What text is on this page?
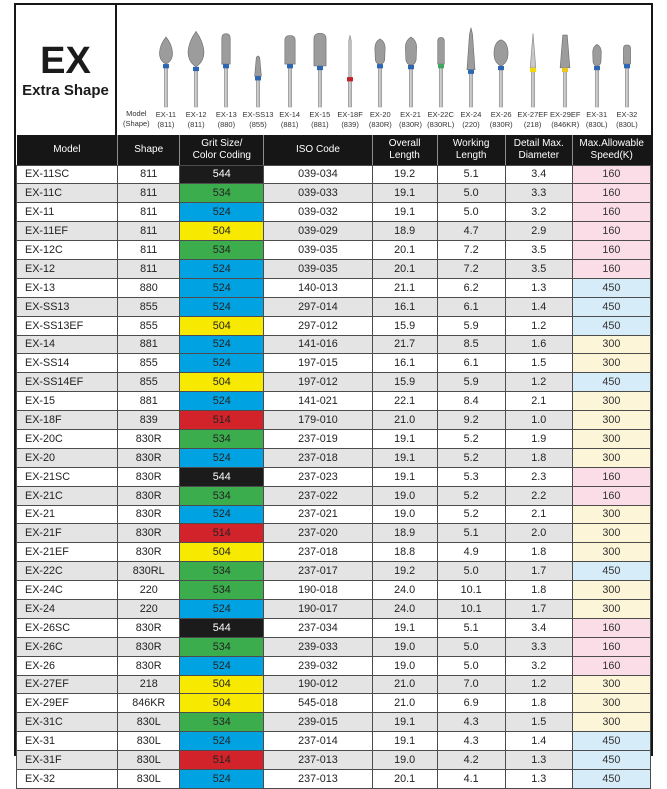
EX
Extra Shape
Model
(Shape)
EX-11
(811)
EX-12
(811)
EX-13
(880)
EX-SS13
(855)
EX-14
(881)
EX-15
(881)
EX-18F
(839)
EX-20
(830R)
EX-21
(830R)
EX-22C
(830RL)
EX-24
(220)
EX-26
(830R)
EX-27EF
(218)
EX-29EF
(846KR)
EX-31
(830L)
EX-32
(830L)
Model	Shape	Grit Size/
Color Coding	ISO Code	Overall
Length	Working
Length	Detail Max.
Diameter	Max.Allowable
Speed(K)
EX-11SC	811	544	039-034	19.2	5.1	3.4	160
EX-11C	811	534	039-033	19.1	5.0	3.3	160
EX-11	811	524	039-032	19.1	5.0	3.2	160
EX-11EF	811	504	039-029	18.9	4.7	2.9	160
EX-12C	811	534	039-035	20.1	7.2	3.5	160
EX-12	811	524	039-035	20.1	7.2	3.5	160
EX-13	880	524	140-013	21.1	6.2	1.3	450
EX-SS13	855	524	297-014	16.1	6.1	1.4	450
EX-SS13EF	855	504	297-012	15.9	5.9	1.2	450
EX-14	881	524	141-016	21.7	8.5	1.6	300
EX-SS14	855	524	197-015	16.1	6.1	1.5	300
EX-SS14EF	855	504	197-012	15.9	5.9	1.2	450
EX-15	881	524	141-021	22.1	8.4	2.1	300
EX-18F	839	514	179-010	21.0	9.2	1.0	300
EX-20C	830R	534	237-019	19.1	5.2	1.9	300
EX-20	830R	524	237-018	19.1	5.2	1.8	300
EX-21SC	830R	544	237-023	19.1	5.3	2.3	160
EX-21C	830R	534	237-022	19.0	5.2	2.2	160
EX-21	830R	524	237-021	19.0	5.2	2.1	300
EX-21F	830R	514	237-020	18.9	5.1	2.0	300
EX-21EF	830R	504	237-018	18.8	4.9	1.8	300
EX-22C	830RL	534	237-017	19.2	5.0	1.7	450
EX-24C	220	534	190-018	24.0	10.1	1.8	300
EX-24	220	524	190-017	24.0	10.1	1.7	300
EX-26SC	830R	544	237-034	19.1	5.1	3.4	160
EX-26C	830R	534	239-033	19.0	5.0	3.3	160
EX-26	830R	524	239-032	19.0	5.0	3.2	160
EX-27EF	218	504	190-012	21.0	7.0	1.2	300
EX-29EF	846KR	504	545-018	21.0	6.9	1.8	300
EX-31C	830L	534	239-015	19.1	4.3	1.5	300
EX-31	830L	524	237-014	19.1	4.3	1.4	450
EX-31F	830L	514	237-013	19.0	4.2	1.3	450
EX-32	830L	524	237-013	20.1	4.1	1.3	450
